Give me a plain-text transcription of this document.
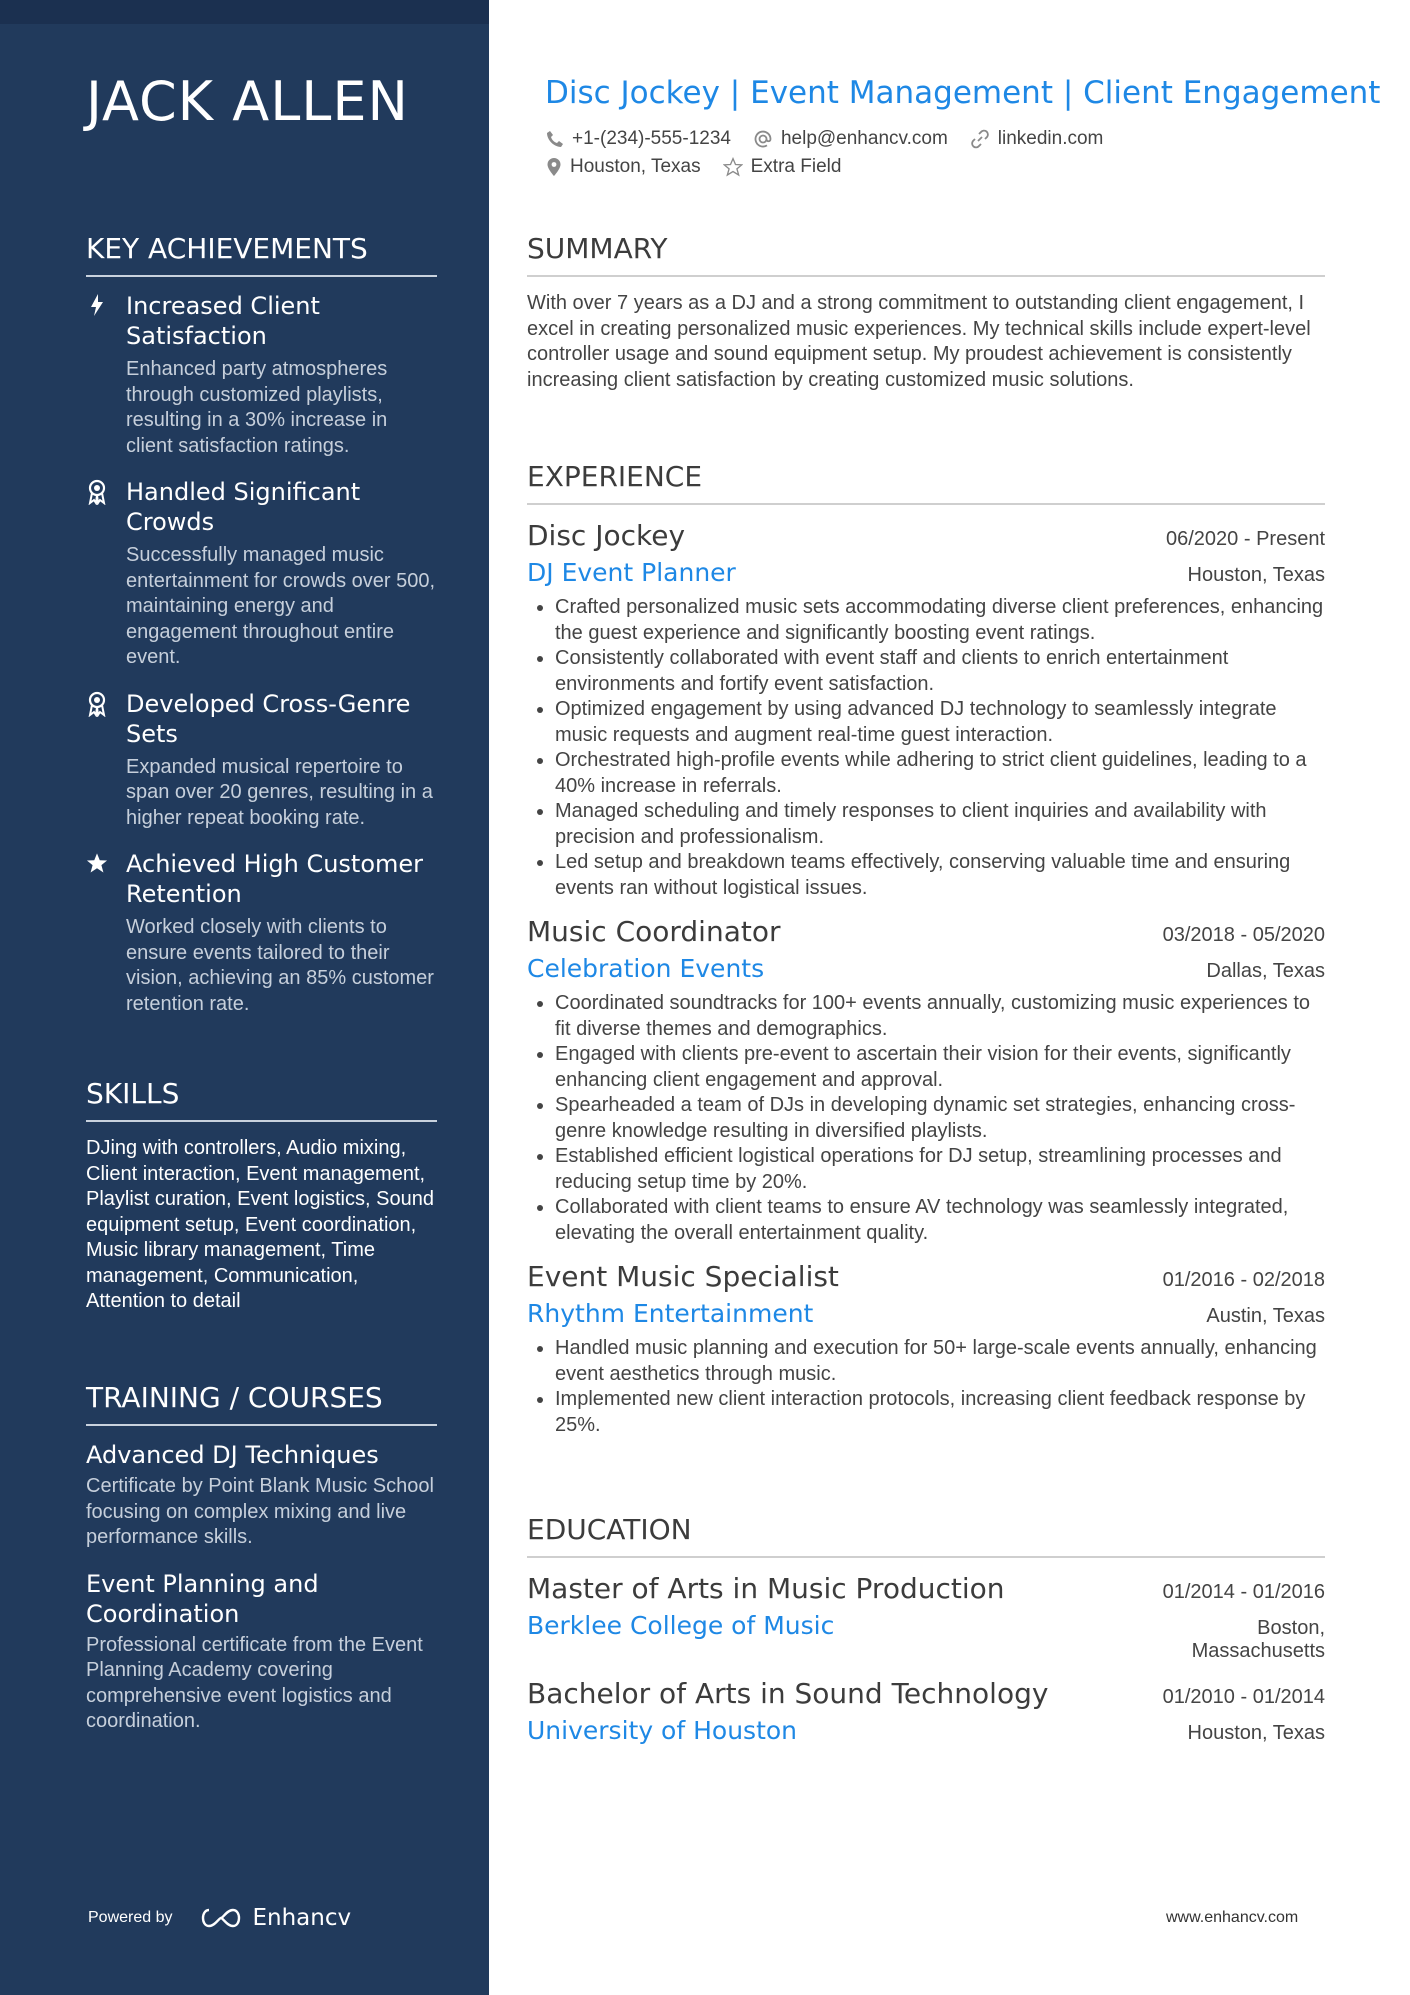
JACK ALLEN
KEY ACHIEVEMENTS
Increased Client Satisfaction
Enhanced party atmospheres through customized playlists, resulting in a 30% increase in client satisfaction ratings.
Handled Significant Crowds
Successfully managed music entertainment for crowds over 500, maintaining energy and engagement throughout entire event.
Developed Cross-Genre Sets
Expanded musical repertoire to span over 20 genres, resulting in a higher repeat booking rate.
Achieved High Customer Retention
Worked closely with clients to ensure events tailored to their vision, achieving an 85% customer retention rate.
SKILLS
DJing with controllers, Audio mixing, Client interaction, Event management, Playlist curation, Event logistics, Sound equipment setup, Event coordination, Music library management, Time management, Communication, Attention to detail
TRAINING / COURSES
Advanced DJ Techniques
Certificate by Point Blank Music School focusing on complex mixing and live performance skills.
Event Planning and Coordination
Professional certificate from the Event Planning Academy covering comprehensive event logistics and coordination.
Powered by	Enhancv
Disc Jockey | Event Management | Client Engagement
+1-(234)-555-1234	help@enhancv.com	linkedin.com
Houston, Texas	Extra Field
SUMMARY
With over 7 years as a DJ and a strong commitment to outstanding client engagement, I excel in creating personalized music experiences. My technical skills include expert-level controller usage and sound equipment setup. My proudest achievement is consistently increasing client satisfaction by creating customized music solutions.
EXPERIENCE
Disc Jockey	06/2020 - Present
DJ Event Planner	Houston, Texas
• Crafted personalized music sets accommodating diverse client preferences, enhancing the guest experience and significantly boosting event ratings.
• Consistently collaborated with event staff and clients to enrich entertainment environments and fortify event satisfaction.
• Optimized engagement by using advanced DJ technology to seamlessly integrate music requests and augment real-time guest interaction.
• Orchestrated high-profile events while adhering to strict client guidelines, leading to a 40% increase in referrals.
• Managed scheduling and timely responses to client inquiries and availability with precision and professionalism.
• Led setup and breakdown teams effectively, conserving valuable time and ensuring events ran without logistical issues.
Music Coordinator	03/2018 - 05/2020
Celebration Events	Dallas, Texas
• Coordinated soundtracks for 100+ events annually, customizing music experiences to fit diverse themes and demographics.
• Engaged with clients pre-event to ascertain their vision for their events, significantly enhancing client engagement and approval.
• Spearheaded a team of DJs in developing dynamic set strategies, enhancing cross-genre knowledge resulting in diversified playlists.
• Established efficient logistical operations for DJ setup, streamlining processes and reducing setup time by 20%.
• Collaborated with client teams to ensure AV technology was seamlessly integrated, elevating the overall entertainment quality.
Event Music Specialist	01/2016 - 02/2018
Rhythm Entertainment	Austin, Texas
• Handled music planning and execution for 50+ large-scale events annually, enhancing event aesthetics through music.
• Implemented new client interaction protocols, increasing client feedback response by 25%.
EDUCATION
Master of Arts in Music Production	01/2014 - 01/2016
Berklee College of Music	Boston, Massachusetts
Bachelor of Arts in Sound Technology	01/2010 - 01/2014
University of Houston	Houston, Texas
www.enhancv.com
